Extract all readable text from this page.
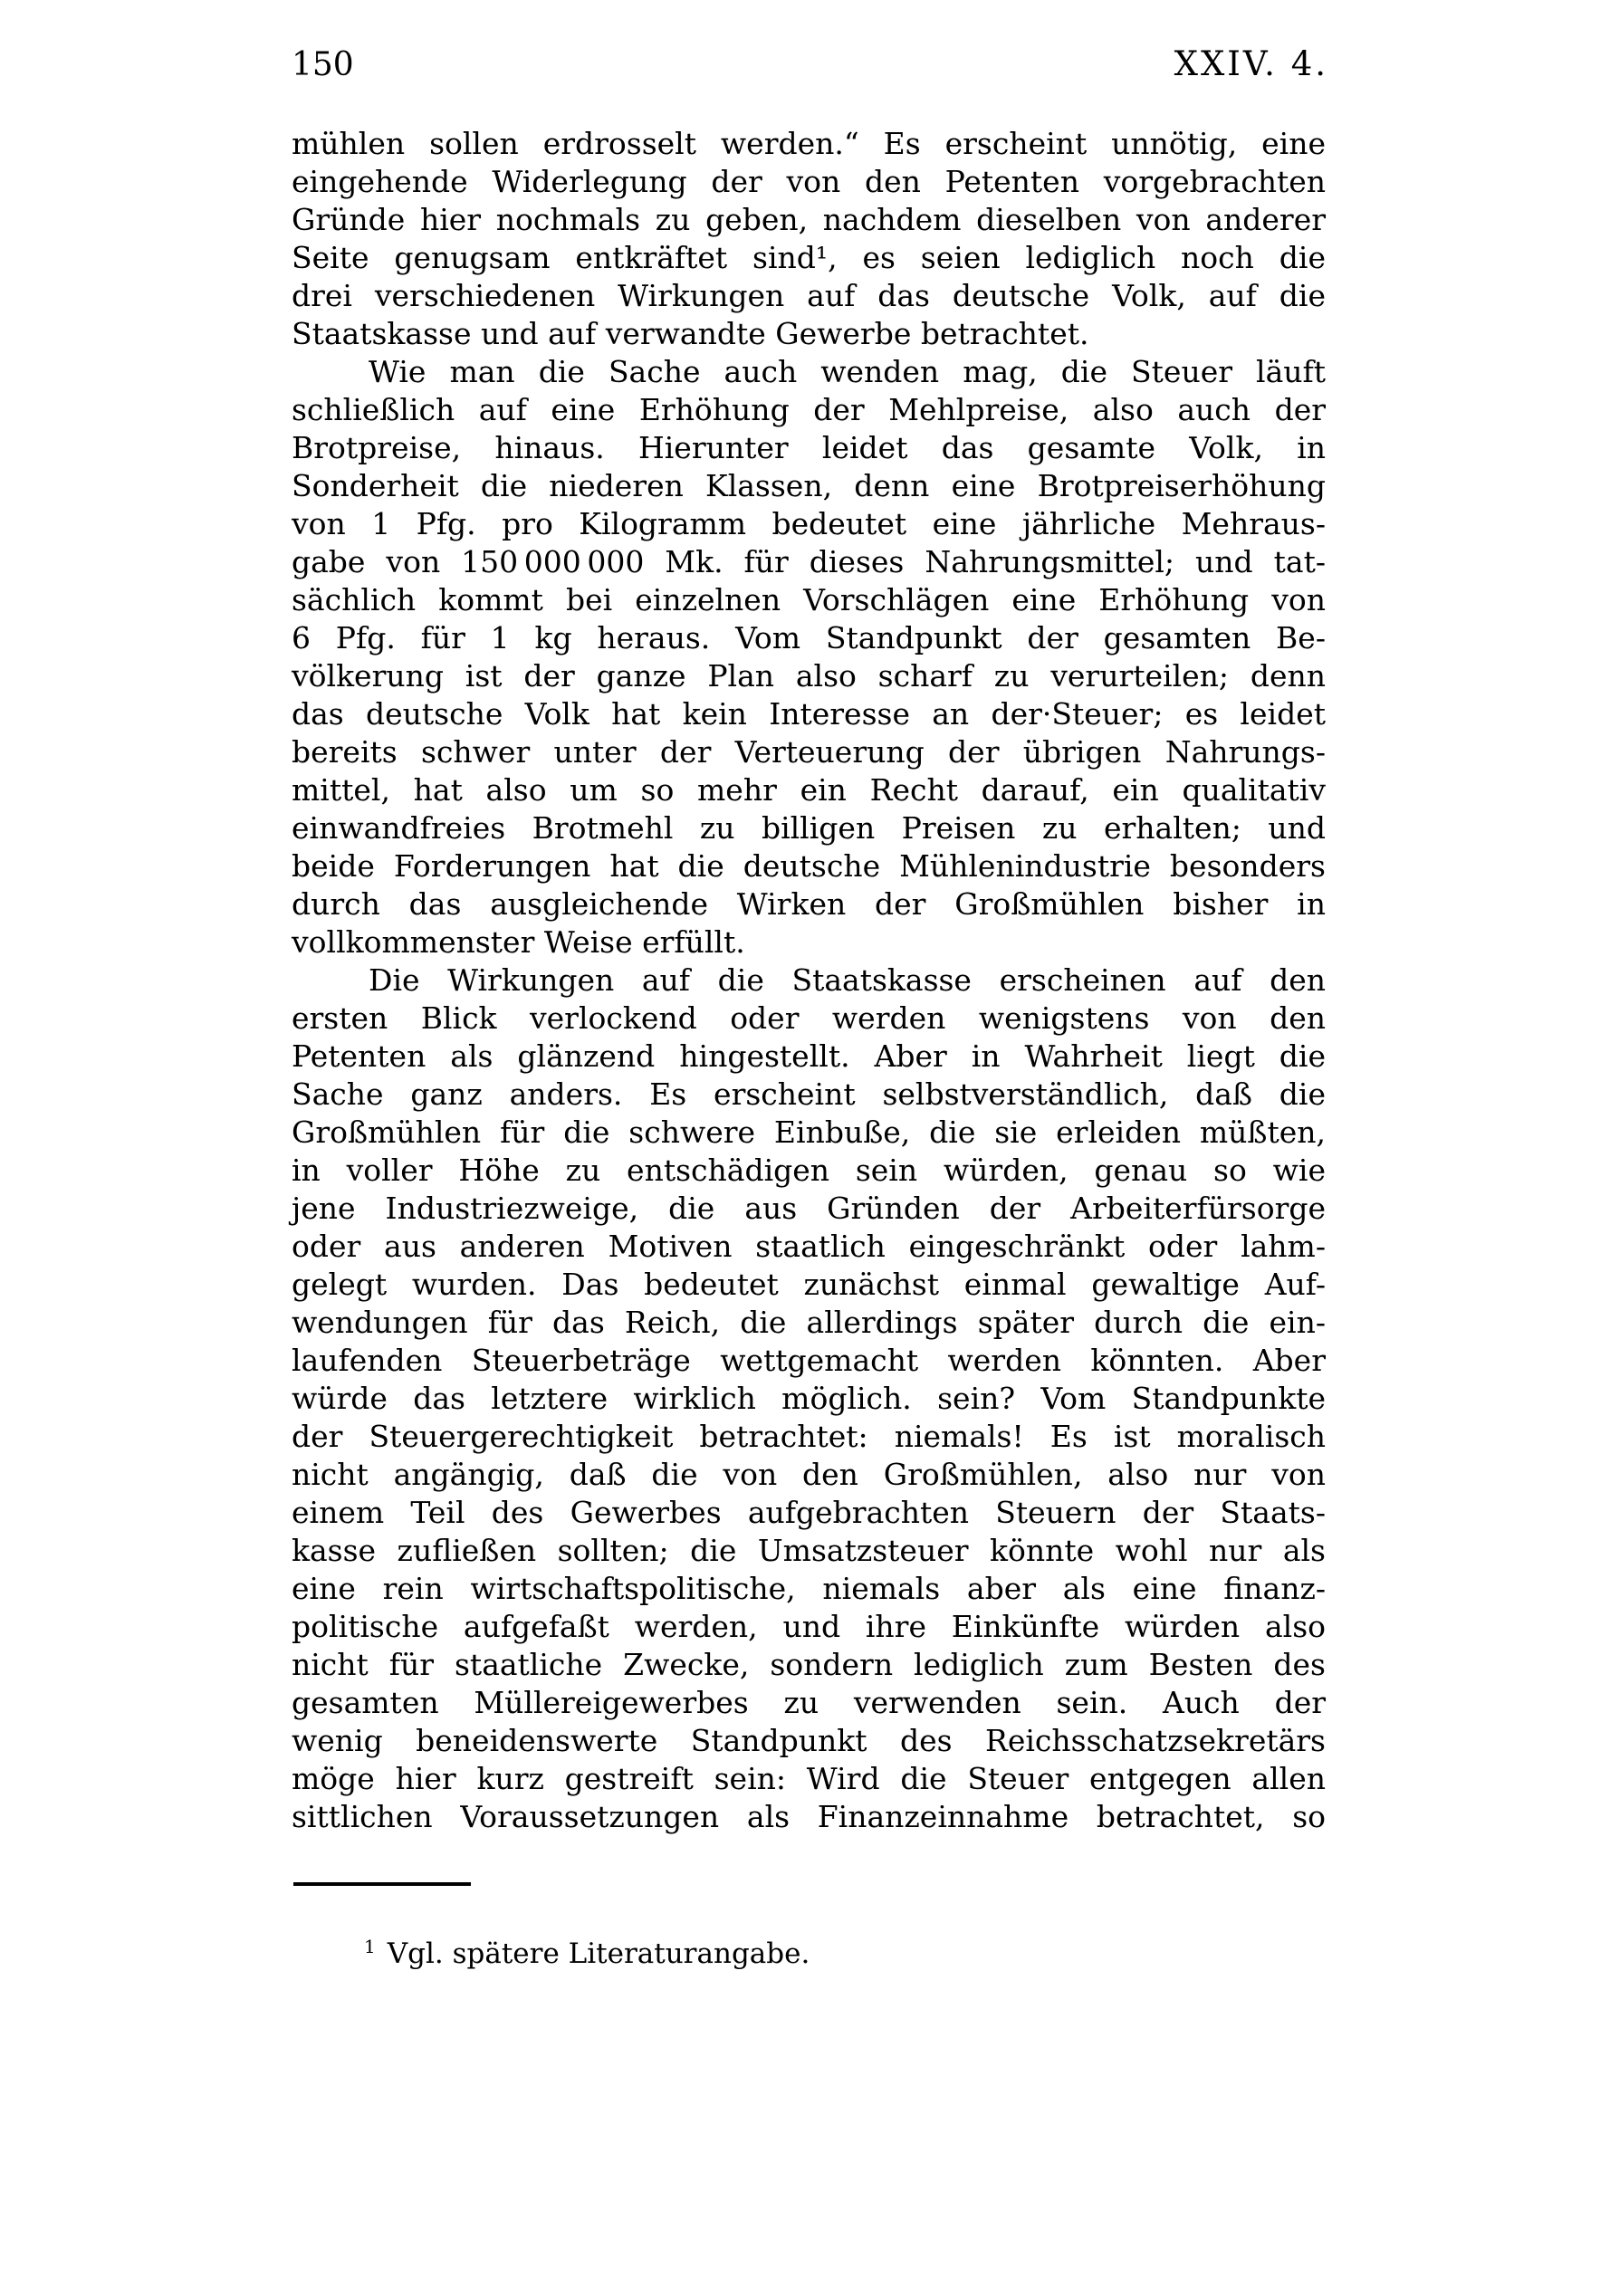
150	XXIV. 4.
mühlen sollen erdrosselt werden.“ Es erscheint unnötig, eine
eingehende Widerlegung der von den Petenten vorgebrachten
Gründe hier nochmals zu geben, nachdem dieselben von anderer
Seite genugsam entkräftet sind¹, es seien lediglich noch die
drei verschiedenen Wirkungen auf das deutsche Volk, auf die
Staatskasse und auf verwandte Gewerbe betrachtet.
Wie man die Sache auch wenden mag, die Steuer läuft
schließlich auf eine Erhöhung der Mehlpreise, also auch der
Brotpreise, hinaus. Hierunter leidet das gesamte Volk, in
Sonderheit die niederen Klassen, denn eine Brotpreiserhöhung
von 1 Pfg. pro Kilogramm bedeutet eine jährliche Mehraus-
gabe von 150 000 000 Mk. für dieses Nahrungsmittel; und tat-
sächlich kommt bei einzelnen Vorschlägen eine Erhöhung von
6 Pfg. für 1 kg heraus. Vom Standpunkt der gesamten Be-
völkerung ist der ganze Plan also scharf zu verurteilen; denn
das deutsche Volk hat kein Interesse an der·Steuer; es leidet
bereits schwer unter der Verteuerung der übrigen Nahrungs-
mittel, hat also um so mehr ein Recht darauf, ein qualitativ
einwandfreies Brotmehl zu billigen Preisen zu erhalten; und
beide Forderungen hat die deutsche Mühlenindustrie besonders
durch das ausgleichende Wirken der Großmühlen bisher in
vollkommenster Weise erfüllt.
Die Wirkungen auf die Staatskasse erscheinen auf den
ersten Blick verlockend oder werden wenigstens von den
Petenten als glänzend hingestellt. Aber in Wahrheit liegt die
Sache ganz anders. Es erscheint selbstverständlich, daß die
Großmühlen für die schwere Einbuße, die sie erleiden müßten,
in voller Höhe zu entschädigen sein würden, genau so wie
jene Industriezweige, die aus Gründen der Arbeiterfürsorge
oder aus anderen Motiven staatlich eingeschränkt oder lahm-
gelegt wurden. Das bedeutet zunächst einmal gewaltige Auf-
wendungen für das Reich, die allerdings später durch die ein-
laufenden Steuerbeträge wettgemacht werden könnten. Aber
würde das letztere wirklich möglich. sein? Vom Standpunkte
der Steuergerechtigkeit betrachtet: niemals! Es ist moralisch
nicht angängig, daß die von den Großmühlen, also nur von
einem Teil des Gewerbes aufgebrachten Steuern der Staats-
kasse zufließen sollten; die Umsatzsteuer könnte wohl nur als
eine rein wirtschaftspolitische, niemals aber als eine finanz-
politische aufgefaßt werden, und ihre Einkünfte würden also
nicht für staatliche Zwecke, sondern lediglich zum Besten des
gesamten Müllereigewerbes zu verwenden sein. Auch der
wenig beneidenswerte Standpunkt des Reichsschatzsekretärs
möge hier kurz gestreift sein: Wird die Steuer entgegen allen
sittlichen Voraussetzungen als Finanzeinnahme betrachtet, so
$^1$ Vgl. spätere Literaturangabe.
